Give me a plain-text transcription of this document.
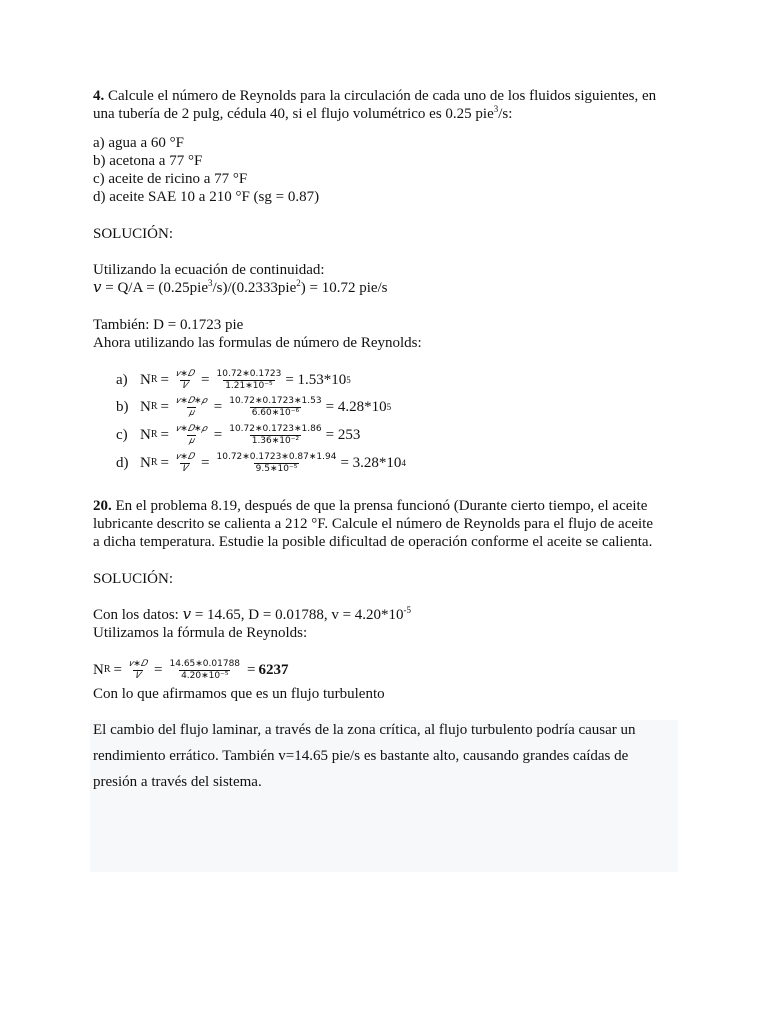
4. Calcule el número de Reynolds para la circulación de cada uno de los fluidos siguientes, en
una tubería de 2 pulg, cédula 40, si el flujo volumétrico es 0.25 pie$^3$/s:
a) agua a 60 °F
b) acetona a 77 °F
c) aceite de ricino a 77 °F
d) aceite SAE 10 a 210 °F (sg = 0.87)
SOLUCIÓN:
Utilizando la ecuación de continuidad:
𝑣 = Q/A = (0.25pie$^3$/s)/(0.2333pie$^2$) = 10.72 pie/s
También: D = 0.1723 pie
Ahora utilizando las formulas de número de Reynolds:
a) N $R = \frac{\text{𝑣∗𝐷}}{\text{𝑉}} = \frac{10.72∗0.1723}{\text{1.21∗10⁻⁵}} = 1.53*10$ 5
b) N $R = \frac{\text{𝑣∗𝐷∗𝜌}}{\text{𝜇}} = \frac{10.72∗0.1723∗1.53}{\text{6.60∗10⁻⁶}} = 4.28*10$ 5
c) N $R = \frac{\text{𝑣∗𝐷∗𝜌}}{\text{𝜇}} = \frac{10.72∗0.1723∗1.86}{\text{1.36∗10⁻²}} = 253$
d) N $R = \frac{\text{𝑣∗𝐷}}{\text{𝑉}} = \frac{10.72∗0.1723∗0.87∗1.94}{\text{9.5∗10⁻⁵}} = 3.28*10$ 4
20. En el problema 8.19, después de que la prensa funcionó (Durante cierto tiempo, el aceite
lubricante descrito se calienta a 212 °F. Calcule el número de Reynolds para el flujo de aceite
a dicha temperatura. Estudie la posible dificultad de operación conforme el aceite se calienta.
SOLUCIÓN:
Con los datos: 𝑣 = 14.65, D = 0.01788, $v = 4.20*10^{-5}$
Utilizamos la fórmula de Reynolds:
N $R = \frac{\text{𝑣∗𝐷}}{\text{𝑉}} = \frac{14.65∗0.01788}{\text{4.20∗10⁻⁵}} = 6237$
Con lo que afirmamos que es un flujo turbulento

El cambio del flujo laminar, a través de la zona crítica, al flujo turbulento podría causar un

rendimiento errático. También v=14.65 pie/s es bastante alto, causando grandes caídas de

presión a través del sistema.
